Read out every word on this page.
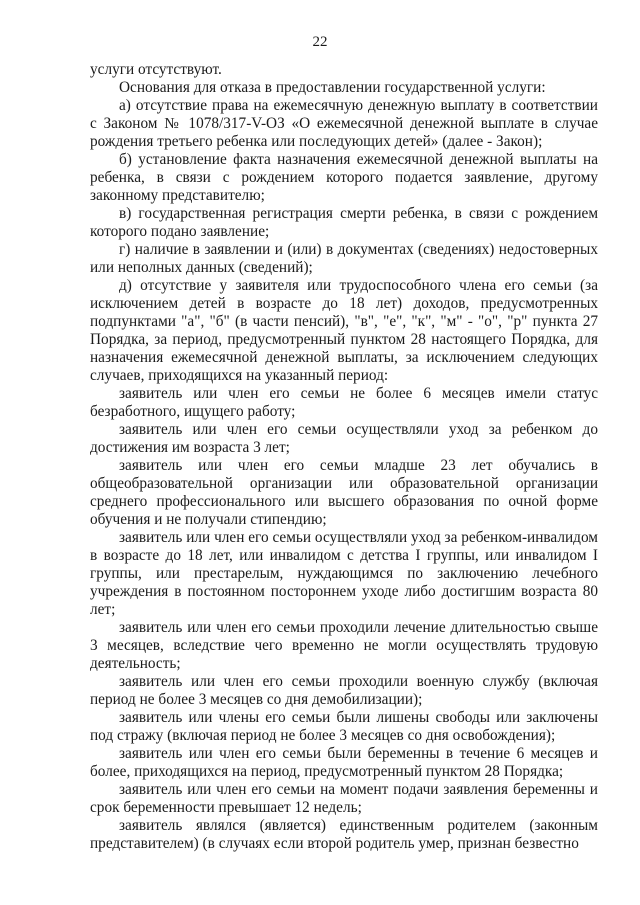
22

услуги отсутствуют.

Основания для отказа в предоставлении государственной услуги:

а) отсутствие права на ежемесячную денежную выплату в соответствии с Законом № 1078/317-V-ОЗ «О ежемесячной денежной выплате в случае рождения третьего ребенка или последующих детей» (далее - Закон);

б) установление факта назначения ежемесячной денежной выплаты на ребенка, в связи с рождением которого подается заявление, другому законному представителю;

в) государственная регистрация смерти ребенка, в связи с рождением которого подано заявление;

г) наличие в заявлении и (или) в документах (сведениях) недостоверных или неполных данных (сведений);

д) отсутствие у заявителя или трудоспособного члена его семьи (за исключением детей в возрасте до 18 лет) доходов, предусмотренных подпунктами "а", "б" (в части пенсий), "в", "е", "к", "м" - "о", "р" пункта 27 Порядка, за период, предусмотренный пунктом 28 настоящего Порядка, для назначения ежемесячной денежной выплаты, за исключением следующих случаев, приходящихся на указанный период:

заявитель или член его семьи не более 6 месяцев имели статус безработного, ищущего работу;

заявитель или член его семьи осуществляли уход за ребенком до достижения им возраста 3 лет;

заявитель или член его семьи младше 23 лет обучались в общеобразовательной организации или образовательной организации среднего профессионального или высшего образования по очной форме обучения и не получали стипендию;

заявитель или член его семьи осуществляли уход за ребенком-инвалидом в возрасте до 18 лет, или инвалидом с детства I группы, или инвалидом I группы, или престарелым, нуждающимся по заключению лечебного учреждения в постоянном постороннем уходе либо достигшим возраста 80 лет;

заявитель или член его семьи проходили лечение длительностью свыше 3 месяцев, вследствие чего временно не могли осуществлять трудовую деятельность;

заявитель или член его семьи проходили военную службу (включая период не более 3 месяцев со дня демобилизации);

заявитель или члены его семьи были лишены свободы или заключены под стражу (включая период не более 3 месяцев со дня освобождения);

заявитель или член его семьи были беременны в течение 6 месяцев и более, приходящихся на период, предусмотренный пунктом 28 Порядка;

заявитель или член его семьи на момент подачи заявления беременны и срок беременности превышает 12 недель;

заявитель являлся (является) единственным родителем (законным представителем) (в случаях если второй родитель умер, признан безвестно
